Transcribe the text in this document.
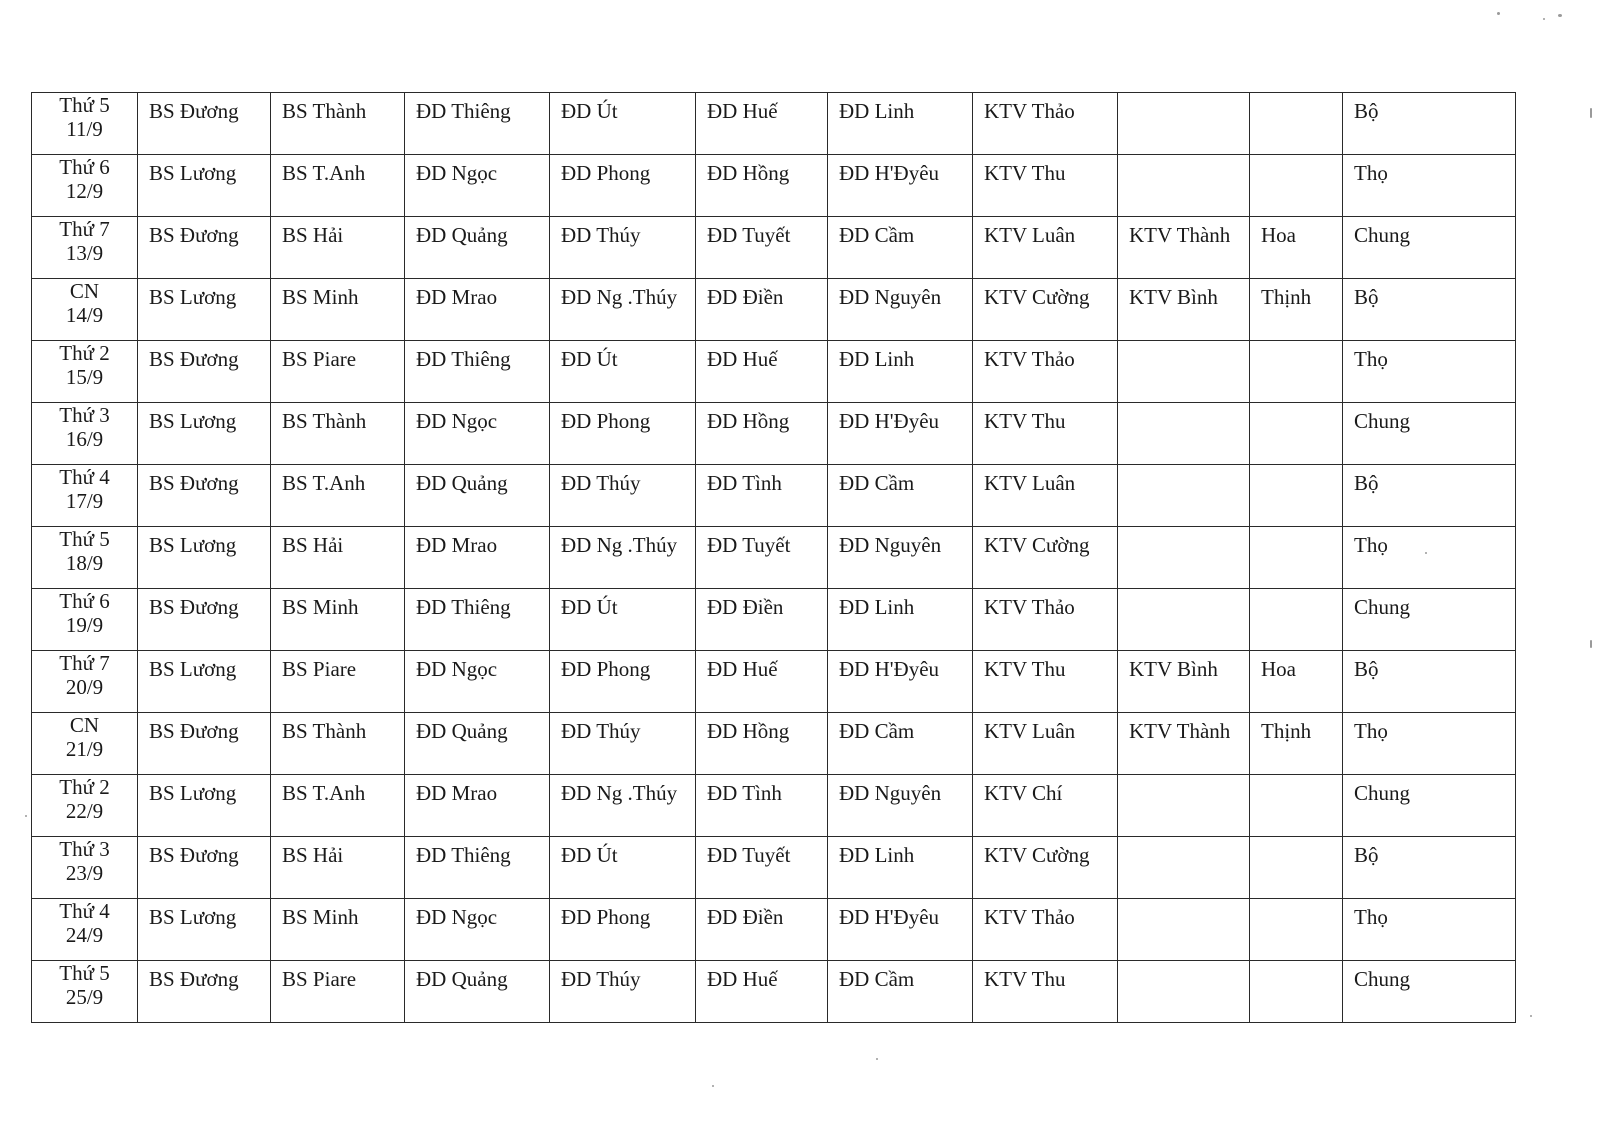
Thứ 5
11/9	BS Đương	BS Thành	ĐD Thiêng	ĐD Út	ĐD Huế	ĐD Linh	KTV Thảo			Bộ

Thứ 6
12/9	BS Lương	BS T.Anh	ĐD Ngọc	ĐD Phong	ĐD Hồng	ĐD H'Đyêu	KTV Thu			Thọ

Thứ 7
13/9	BS Đương	BS Hải	ĐD Quảng	ĐD Thúy	ĐD Tuyết	ĐD Cầm	KTV Luân	KTV Thành	Hoa	Chung

CN
14/9	BS Lương	BS Minh	ĐD Mrao	ĐD Ng .Thúy	ĐD Điền	ĐD Nguyên	KTV Cường	KTV Bình	Thịnh	Bộ

Thứ 2
15/9	BS Đương	BS Piare	ĐD Thiêng	ĐD Út	ĐD Huế	ĐD Linh	KTV Thảo			Thọ

Thứ 3
16/9	BS Lương	BS Thành	ĐD Ngọc	ĐD Phong	ĐD Hồng	ĐD H'Đyêu	KTV Thu			Chung

Thứ 4
17/9	BS Đương	BS T.Anh	ĐD Quảng	ĐD Thúy	ĐD Tình	ĐD Cầm	KTV Luân			Bộ

Thứ 5
18/9	BS Lương	BS Hải	ĐD Mrao	ĐD Ng .Thúy	ĐD Tuyết	ĐD Nguyên	KTV Cường			Thọ

Thứ 6
19/9	BS Đương	BS Minh	ĐD Thiêng	ĐD Út	ĐD Điền	ĐD Linh	KTV Thảo			Chung

Thứ 7
20/9	BS Lương	BS Piare	ĐD Ngọc	ĐD Phong	ĐD Huế	ĐD H'Đyêu	KTV Thu	KTV Bình	Hoa	Bộ

CN
21/9	BS Đương	BS Thành	ĐD Quảng	ĐD Thúy	ĐD Hồng	ĐD Cầm	KTV Luân	KTV Thành	Thịnh	Thọ

Thứ 2
22/9	BS Lương	BS T.Anh	ĐD Mrao	ĐD Ng .Thúy	ĐD Tình	ĐD Nguyên	KTV Chí			Chung

Thứ 3
23/9	BS Đương	BS Hải	ĐD Thiêng	ĐD Út	ĐD Tuyết	ĐD Linh	KTV Cường			Bộ

Thứ 4
24/9	BS Lương	BS Minh	ĐD Ngọc	ĐD Phong	ĐD Điền	ĐD H'Đyêu	KTV Thảo			Thọ

Thứ 5
25/9	BS Đương	BS Piare	ĐD Quảng	ĐD Thúy	ĐD Huế	ĐD Cầm	KTV Thu			Chung
